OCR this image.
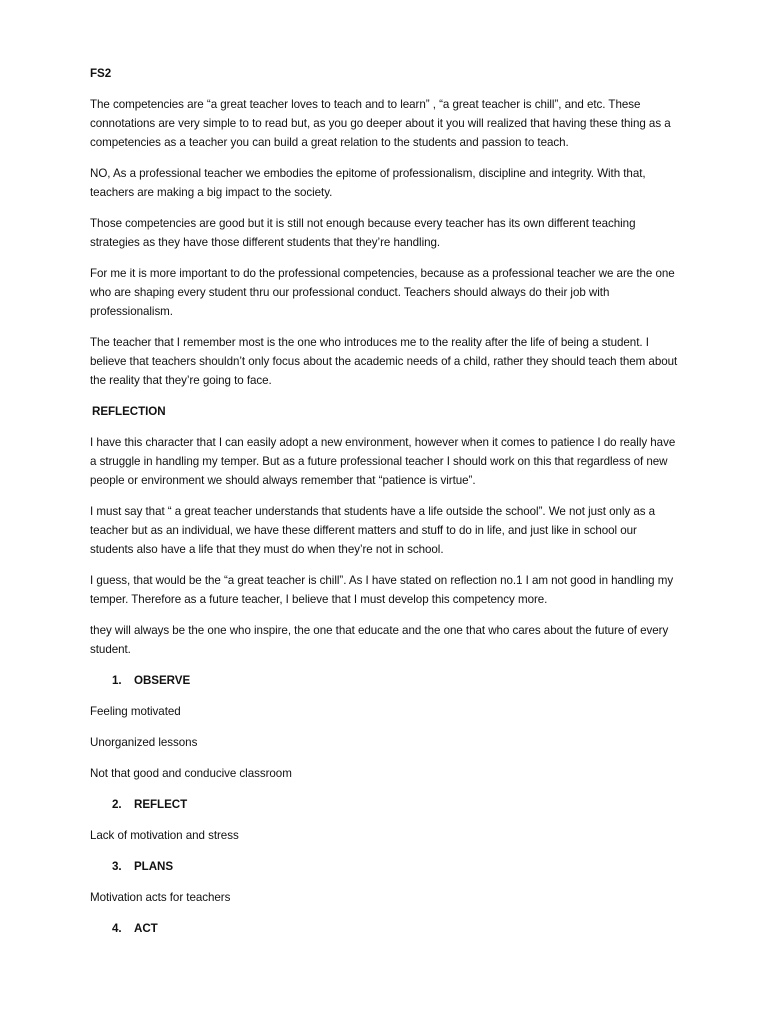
FS2
The competencies are “a great teacher loves to teach and to learn” , “a great teacher is chill”, and etc. These connotations are very simple to to read but, as you go deeper about it you will realized that having these thing as a competencies as a teacher you can build a great relation to the students and passion to teach.
NO, As a professional teacher we embodies the epitome of professionalism, discipline and integrity. With that, teachers are making a big impact to the society.
Those competencies are good but it is still not enough because every teacher has its own different teaching strategies as they have those different students that they’re handling.
For me it is more important to do the professional competencies, because as a professional teacher we are the one who are shaping every student thru our professional conduct. Teachers should always do their job with professionalism.
The teacher that I remember most is the one who introduces me to the reality after the life of being a student. I believe that teachers shouldn’t only focus about the academic needs of a child, rather they should teach them about the reality that they’re going to face.
REFLECTION
I have this character that I can easily adopt a new environment, however when it comes to patience I do really have a struggle in handling my temper. But as a future professional teacher I should work on this that regardless of new people or environment we should always remember that “patience is virtue”.
I must say that “ a great teacher understands that students have a life outside the school”. We not just only as a teacher but as an individual, we have these different matters and stuff to do in life, and just like in school our students also have a life that they must do when they’re not in school.
I guess, that would be the “a great teacher is chill”. As I have stated on reflection no.1 I am not good in handling my temper. Therefore as a future teacher, I believe that I must develop this competency more.
they will always be the one who inspire, the one that educate and the one that who cares about the future of every student.
1.	OBSERVE
Feeling motivated
Unorganized lessons
Not that good and conducive classroom
2.	REFLECT
Lack of motivation and stress
3.	PLANS
Motivation acts for teachers
4.	ACT
